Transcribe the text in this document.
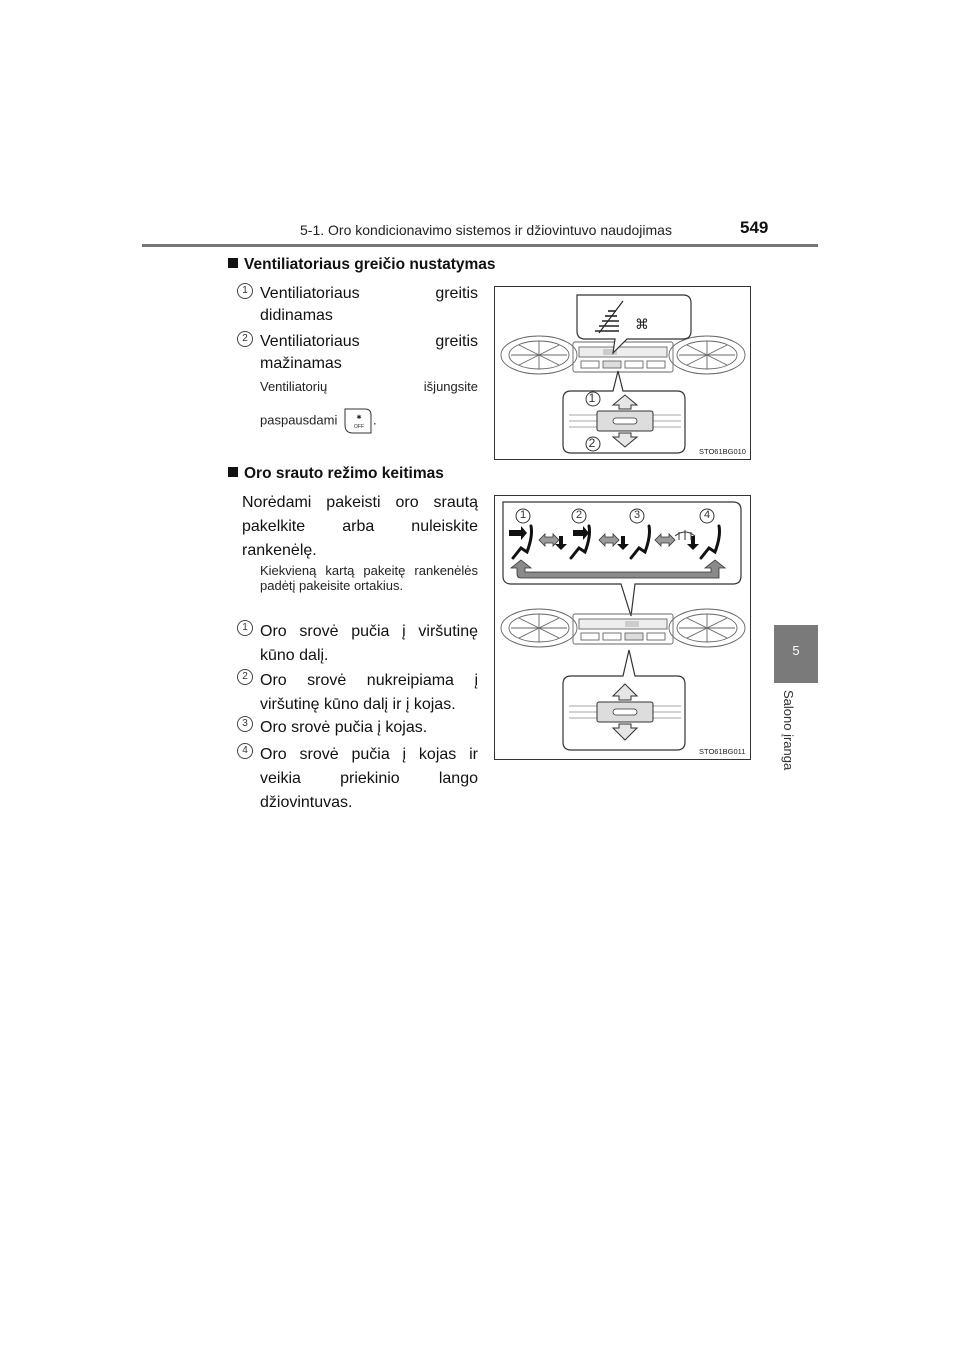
5-1. Oro kondicionavimo sistemos ir džiovintuvo naudojimas	549
5
Salono įranga
Ventiliatoriaus greičio nustatymas
1 Ventiliatoriaus greitis didinamas
2 Ventiliatoriaus greitis mažinamas
Ventiliatorių išjungsite
paspausdami	✱
OFF .
⌘
1
2
STO61BG010
Oro srauto režimo keitimas
Norėdami pakeisti oro srautą pakelkite arba nuleiskite rankenėlę.
Kiekvieną kartą pakeitę rankenėlės padėtį pakeisite ortakius.
1 Oro srovė pučia į viršutinę kūno dalį.
2 Oro srovė nukreipiama į viršutinę kūno dalį ir į kojas.
3 Oro srovė pučia į kojas.
4 Oro srovė pučia į kojas ir veikia priekinio lango džiovintuvas.
1	2	3	4
STO61BG011
